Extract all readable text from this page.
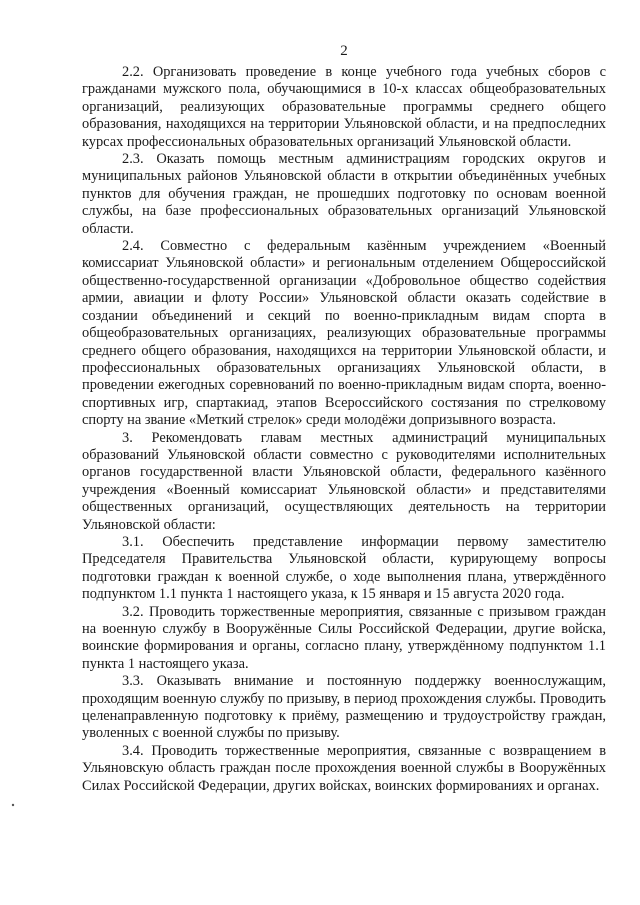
2

2.2. Организовать проведение в конце учебного года учебных сборов с гражданами мужского пола, обучающимися в 10-х классах общеобразовательных организаций, реализующих образовательные программы среднего общего образования, находящихся на территории Ульяновской области, и на предпоследних курсах профессиональных образовательных организаций Ульяновской области.

2.3. Оказать помощь местным администрациям городских округов и муниципальных районов Ульяновской области в открытии объединённых учебных пунктов для обучения граждан, не прошедших подготовку по основам военной службы, на базе профессиональных образовательных организаций Ульяновской области.

2.4. Совместно с федеральным казённым учреждением «Военный комиссариат Ульяновской области» и региональным отделением Общероссийской общественно-государственной организации «Добровольное общество содействия армии, авиации и флоту России» Ульяновской области оказать содействие в создании объединений и секций по военно-прикладным видам спорта в общеобразовательных организациях, реализующих образовательные программы среднего общего образования, находящихся на территории Ульяновской области, и профессиональных образовательных организациях Ульяновской области, в проведении ежегодных соревнований по военно-прикладным видам спорта, военно-спортивных игр, спартакиад, этапов Всероссийского состязания по стрелковому спорту на звание «Меткий стрелок» среди молодёжи допризывного возраста.

3. Рекомендовать главам местных администраций муниципальных образований Ульяновской области совместно с руководителями исполнительных органов государственной власти Ульяновской области, федерального казённого учреждения «Военный комиссариат Ульяновской области» и представителями общественных организаций, осуществляющих деятельность на территории Ульяновской области:

3.1. Обеспечить представление информации первому заместителю Председателя Правительства Ульяновской области, курирующему вопросы подготовки граждан к военной службе, о ходе выполнения плана, утверждённого подпунктом 1.1 пункта 1 настоящего указа, к 15 января и 15 августа 2020 года.

3.2. Проводить торжественные мероприятия, связанные с призывом граждан на военную службу в Вооружённые Силы Российской Федерации, другие войска, воинские формирования и органы, согласно плану, утверждённому подпунктом 1.1 пункта 1 настоящего указа.

3.3. Оказывать внимание и постоянную поддержку военнослужащим, проходящим военную службу по призыву, в период прохождения службы. Проводить целенаправленную подготовку к приёму, размещению и трудоустройству граждан, уволенных с военной службы по призыву.

3.4. Проводить торжественные мероприятия, связанные с возвращением в Ульяновскую область граждан после прохождения военной службы в Вооружённых Силах Российской Федерации, других войсках, воинских формированиях и органах.
